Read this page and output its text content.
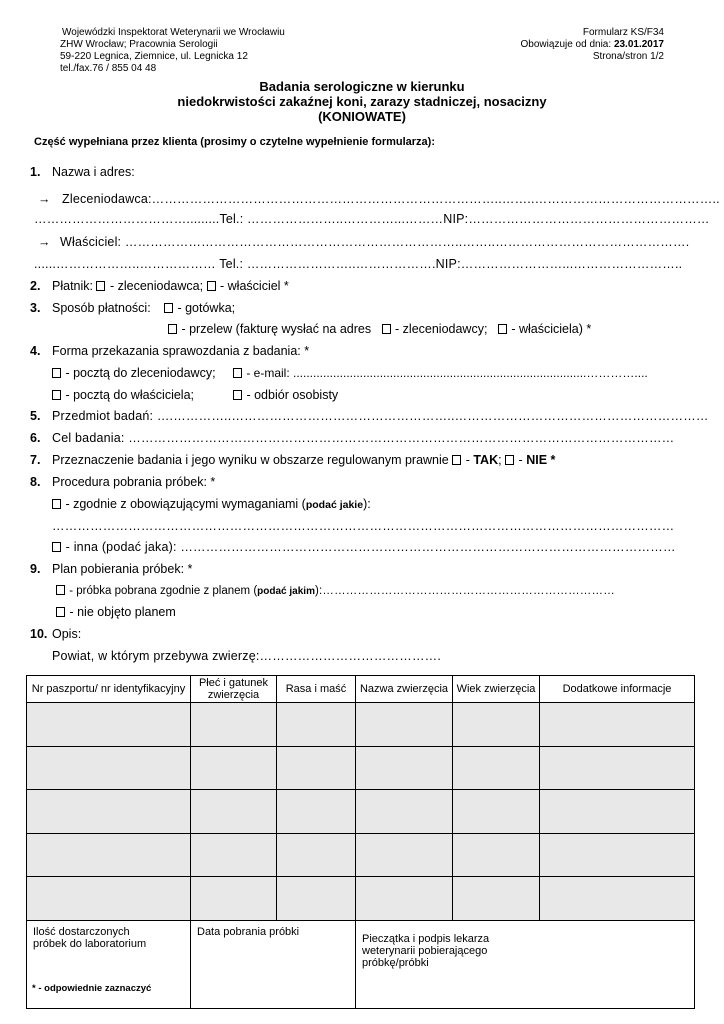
Wojewódzki Inspektorat Weterynarii we Wrocławiu
ZHW Wrocław; Pracownia Serologii
59-220 Legnica, Ziemnice, ul. Legnicka 12
tel./fax.76 / 855 04 48
Formularz KS/F34
Obowiązuje od dnia: 23.01.2017
Strona/stron 1/2
Badania serologiczne w kierunku
niedokrwistości zakaźnej koni, zarazy stadniczej, nosacizny
(KONIOWATE)
Część wypełniana przez klienta (prosimy o czytelne wypełnienie formularza):
1. Nazwa i adres:
→ Zleceniodawca:………………………………………………………………………..……..……………………………………..
……………………………….........Tel.: …………………..…………...………NIP:…………………………………………………
→ Właściciel: ……………………………………………………………………..……..……………………………………….
......………………..……………… Tel.: ……………………..……………….NIP:……………………...……………………..
2. Płatnik:  - zleceniodawca;  - właściciel *
3. Sposób płatności:	- gotówka;
- przelew (fakturę wysłać na adres    - zleceniodawcy;    - właściciela) *
4. Forma przekazania sprawozdania z badania: *
- pocztą do zleceniodawcy;	- e-mail: ........................................................................................…………....
- pocztą do właściciela;	- odbiór osobisty
5. Przedmiot badań: ….…………..……………………………………………..……………………………………………………
6. Cel badania: …………………………………………………………………………………………………………………
7. Przeznaczenie badania i jego wyniku w obszarze regulowanym prawnie  - TAK;  - NIE *
8. Procedura pobrania próbek: *
- zgodnie z obowiązującymi wymaganiami (podać jakie):
…………………………………………………………………………………………………………………………………
- inna (podać jaka): ………………………………………………………………………………………………………
9. Plan pobierania próbek: *
- próbka pobrana zgodnie z planem (podać jakim):…………………………………………………………………
- nie objęto planem
10. Opis:
Powiat, w którym przebywa zwierzę:…………………………………….
Nr paszportu/ nr identyfikacyjny	Płeć i gatunek zwierzęcia	Rasa i maść	Nazwa zwierzęcia	Wiek zwierzęcia	Dodatkowe informacje

Ilość dostarczonych próbek do laboratorium	Data pobrania próbki		Pieczątka i podpis lekarza weterynarii pobierającego próbkę/próbki		
* - odpowiednie zaznaczyć
